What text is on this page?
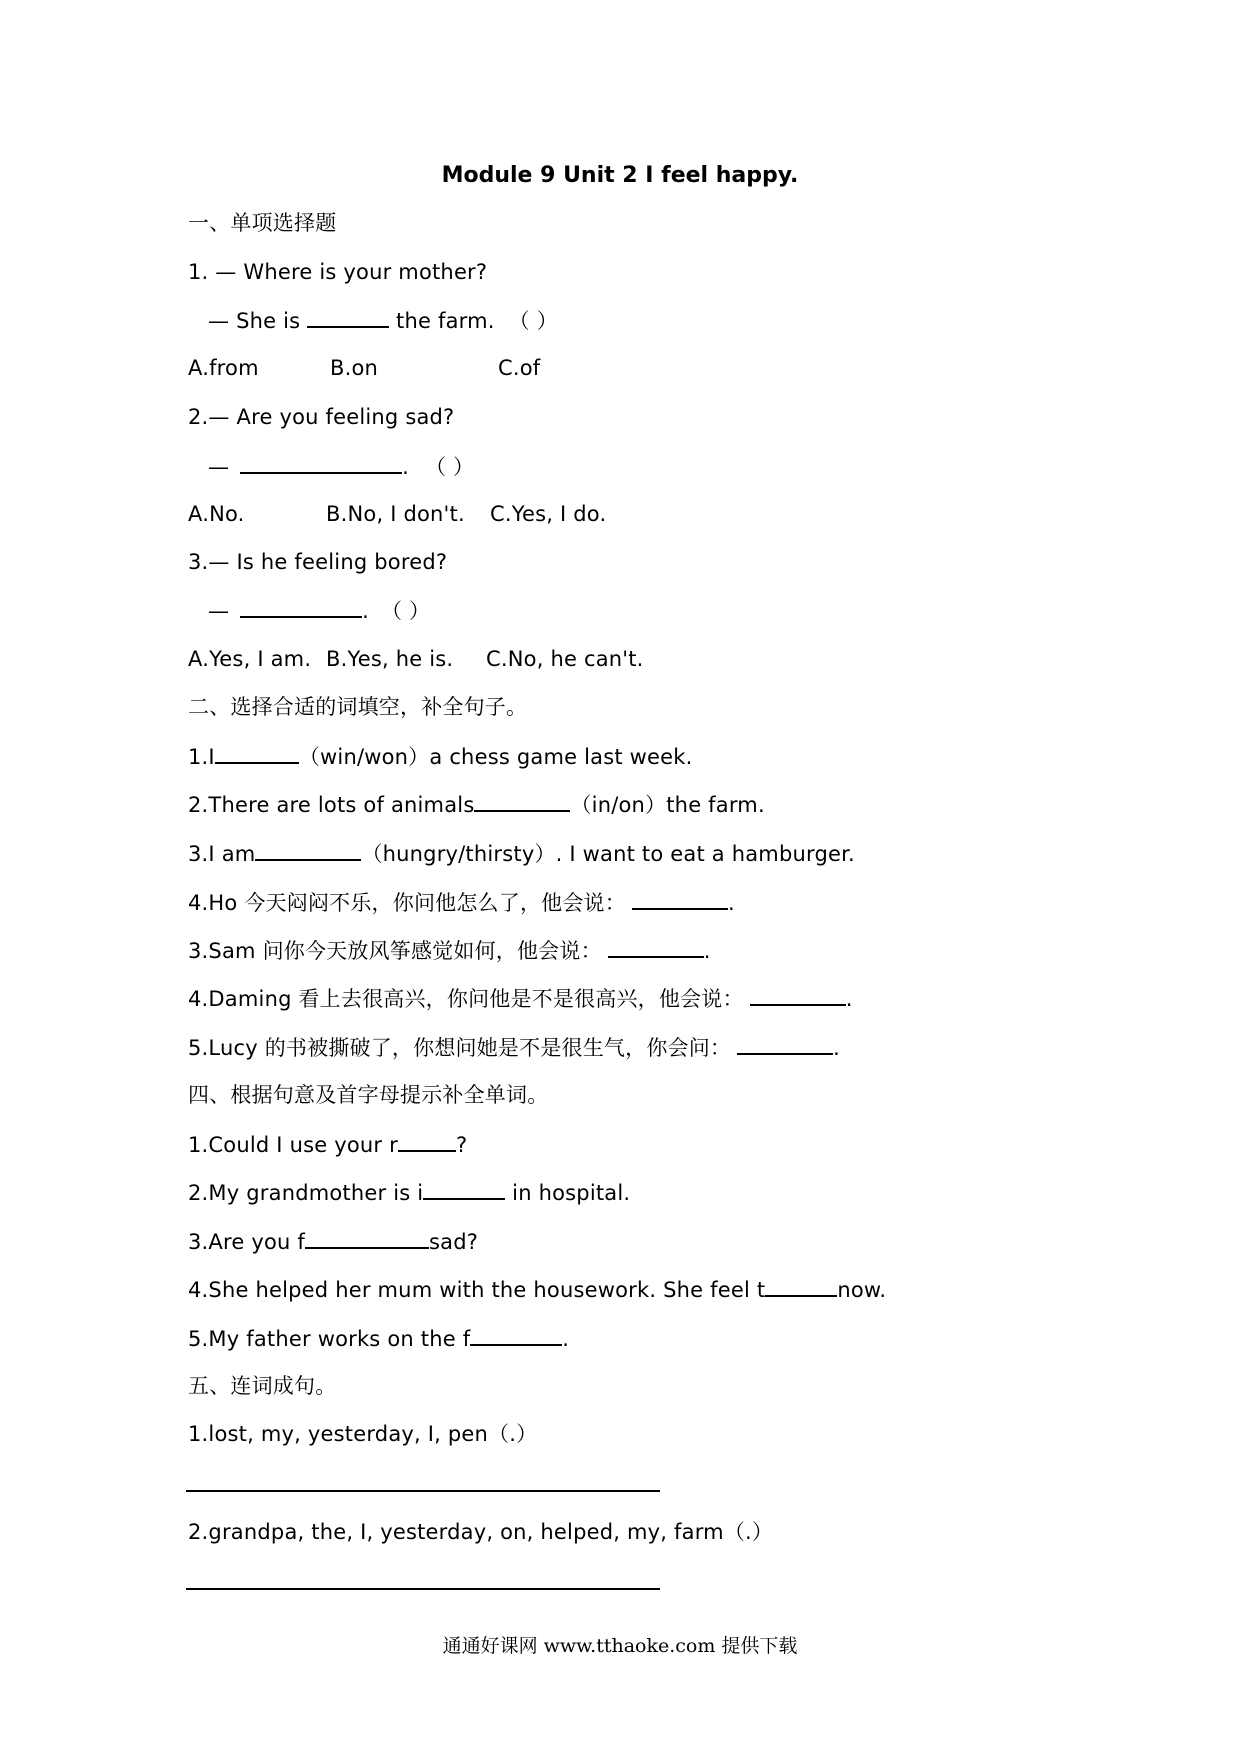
Module 9 Unit 2 I feel happy.
一、单项选择题
1. — Where is your mother?
— She is	the farm. （ ）
A.from	B.on	C.of
2.— Are you feeling sad?
—	. （ ）
A.No.	B.No, I don't. C.Yes, I do.
3.— Is he feeling bored?
—	. （ ）
A.Yes, I am. B.Yes, he is. C.No, he can't.
二、选择合适的词填空，补全句子。
1.I	（win/won）a chess game last week.
2.There are lots of animals	（in/on）the farm.
3.I am	（hungry/thirsty）. I want to eat a hamburger.
4.Ho 今天闷闷不乐，你问他怎么了，他会说：	.
3.Sam 问你今天放风筝感觉如何，他会说：	.
4.Daming 看上去很高兴，你问他是不是很高兴，他会说：	.
5.Lucy 的书被撕破了，你想问她是不是很生气，你会问：	.
四、根据句意及首字母提示补全单词。
1.Could I use your r	?
2.My grandmother is i	in hospital.
3.Are you f	sad?
4.She helped her mum with the housework. She feel t	now.
5.My father works on the f	.
五、连词成句。
1.lost, my, yesterday, I, pen（.）
2.grandpa, the, I, yesterday, on, helped, my, farm（.）
通通好课网 www.tthaoke.com 提供下载
